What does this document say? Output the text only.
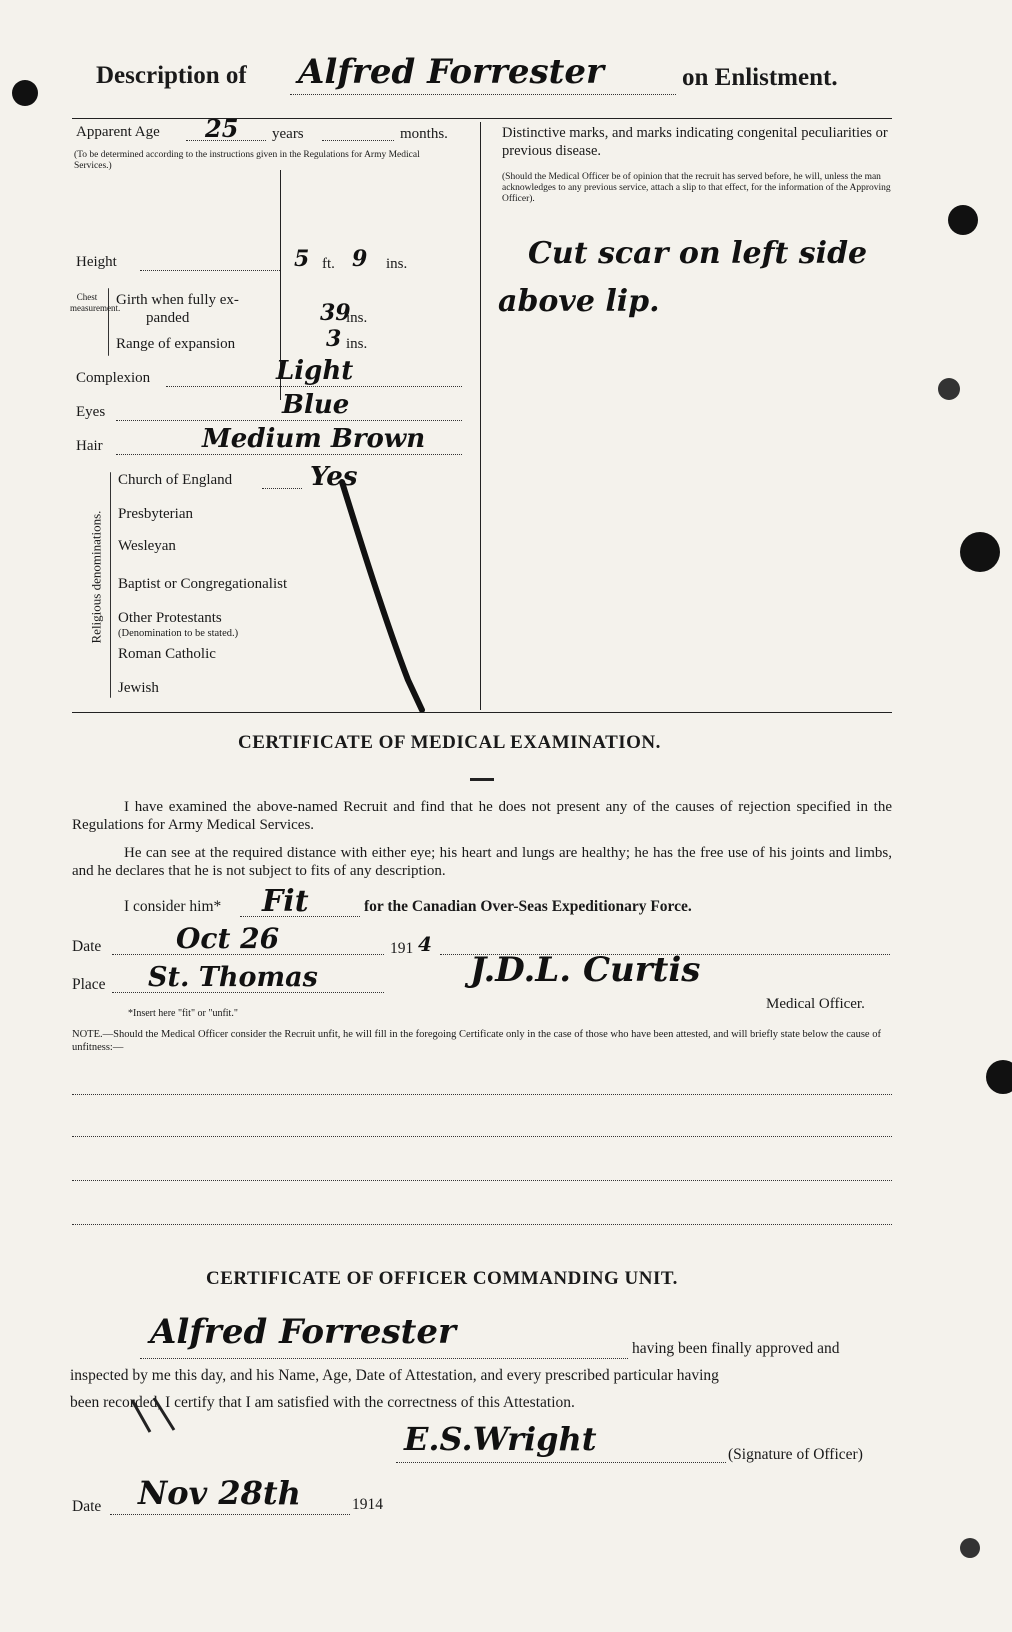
Description of Alfred Forrester	on Enlistment.
Apparent Age 25 years	months.
(To be determined according to the instructions given in the Regulations for Army Medical Services.)
Height	5 ft. 9 ins.
Chest measurement.
Girth when fully ex-
panded	39
ins.
Range of expansion	3 ins.
Complexion	Light
Eyes	Blue
Hair	Medium Brown
Religious denominations.
Church of England	Yes
Presbyterian
Wesleyan
Baptist or Congregationalist
Other Protestants
(Denomination to be stated.)
Roman Catholic
Jewish
Distinctive marks, and marks indicating congenital peculiarities or previous disease.
(Should the Medical Officer be of opinion that the recruit has served before, he will, unless the man acknowledges to any previous service, attach a slip to that effect, for the information of the Approving Officer).
Cut scar on left side
above lip.
CERTIFICATE OF MEDICAL EXAMINATION.
I have examined the above-named Recruit and find that he does not present any of the causes of rejection specified in the Regulations for Army Medical Services.
He can see at the required distance with either eye; his heart and lungs are healthy; he has the free use of his joints and limbs, and he declares that he is not subject to fits of any description.
I consider him* Fit	for the Canadian Over-Seas Expeditionary Force.
Date	Oct 26	191 4
Place St. Thomas	J.D.L. Curtis
Medical Officer.
*Insert here "fit" or "unfit."
NOTE.—Should the Medical Officer consider the Recruit unfit, he will fill in the foregoing Certificate only in the case of those who have been attested, and will briefly state below the cause of unfitness:—
CERTIFICATE OF OFFICER COMMANDING UNIT.
Alfred Forrester	having been finally approved and
inspected by me this day, and his Name, Age, Date of Attestation, and every prescribed particular having
been recorded, I certify that I am satisfied with the correctness of this Attestation.
E.S.Wright	(Signature of Officer)
Date Nov 28th	1914
